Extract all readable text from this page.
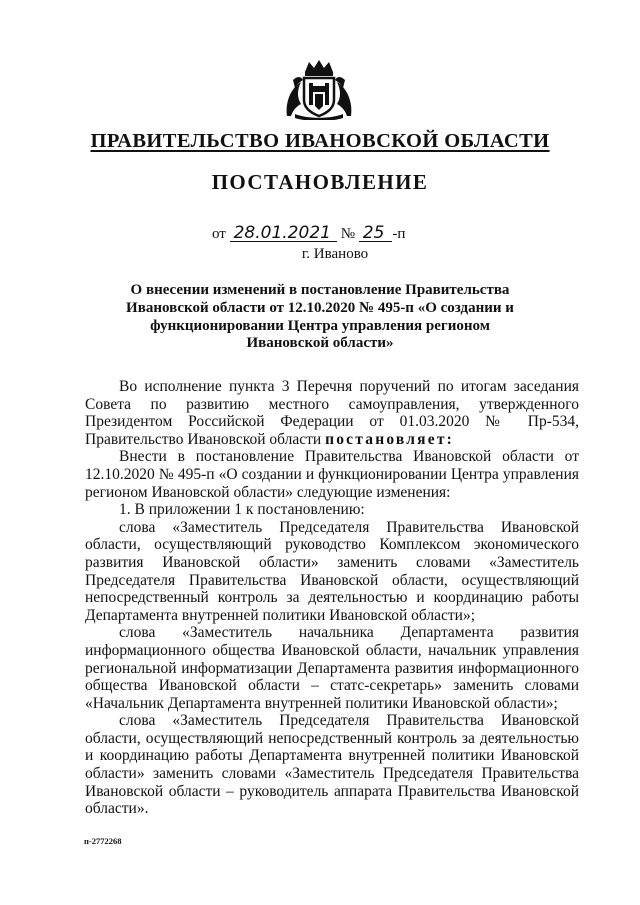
ПРАВИТЕЛЬСТВО ИВАНОВСКОЙ ОБЛАСТИ
ПОСТАНОВЛЕНИЕ
от 28.01.2021 № 25 -п
г. Иваново
О внесении изменений в постановление Правительства Ивановской области от 12.10.2020 № 495-п «О создании и функционировании Центра управления регионом Ивановской области»

Во исполнение пункта 3 Перечня поручений по итогам заседания Совета по развитию местного самоуправления, утвержденного Президентом Российской Федерации от 01.03.2020 № Пр-534, Правительство Ивановской области постановляет:

Внести в постановление Правительства Ивановской области от 12.10.2020 № 495-п «О создании и функционировании Центра управления регионом Ивановской области» следующие изменения:

1. В приложении 1 к постановлению:

слова «Заместитель Председателя Правительства Ивановской области, осуществляющий руководство Комплексом экономического развития Ивановской области» заменить словами «Заместитель Председателя Правительства Ивановской области, осуществляющий непосредственный контроль за деятельностью и координацию работы Департамента внутренней политики Ивановской области»;

слова «Заместитель начальника Департамента развития информационного общества Ивановской области, начальник управления региональной информатизации Департамента развития информационного общества Ивановской области – статс-секретарь» заменить словами «Начальник Департамента внутренней политики Ивановской области»;

слова «Заместитель Председателя Правительства Ивановской области, осуществляющий непосредственный контроль за деятельностью и координацию работы Департамента внутренней политики Ивановской области» заменить словами «Заместитель Председателя Правительства Ивановской области – руководитель аппарата Правительства Ивановской области».

п-2772268
